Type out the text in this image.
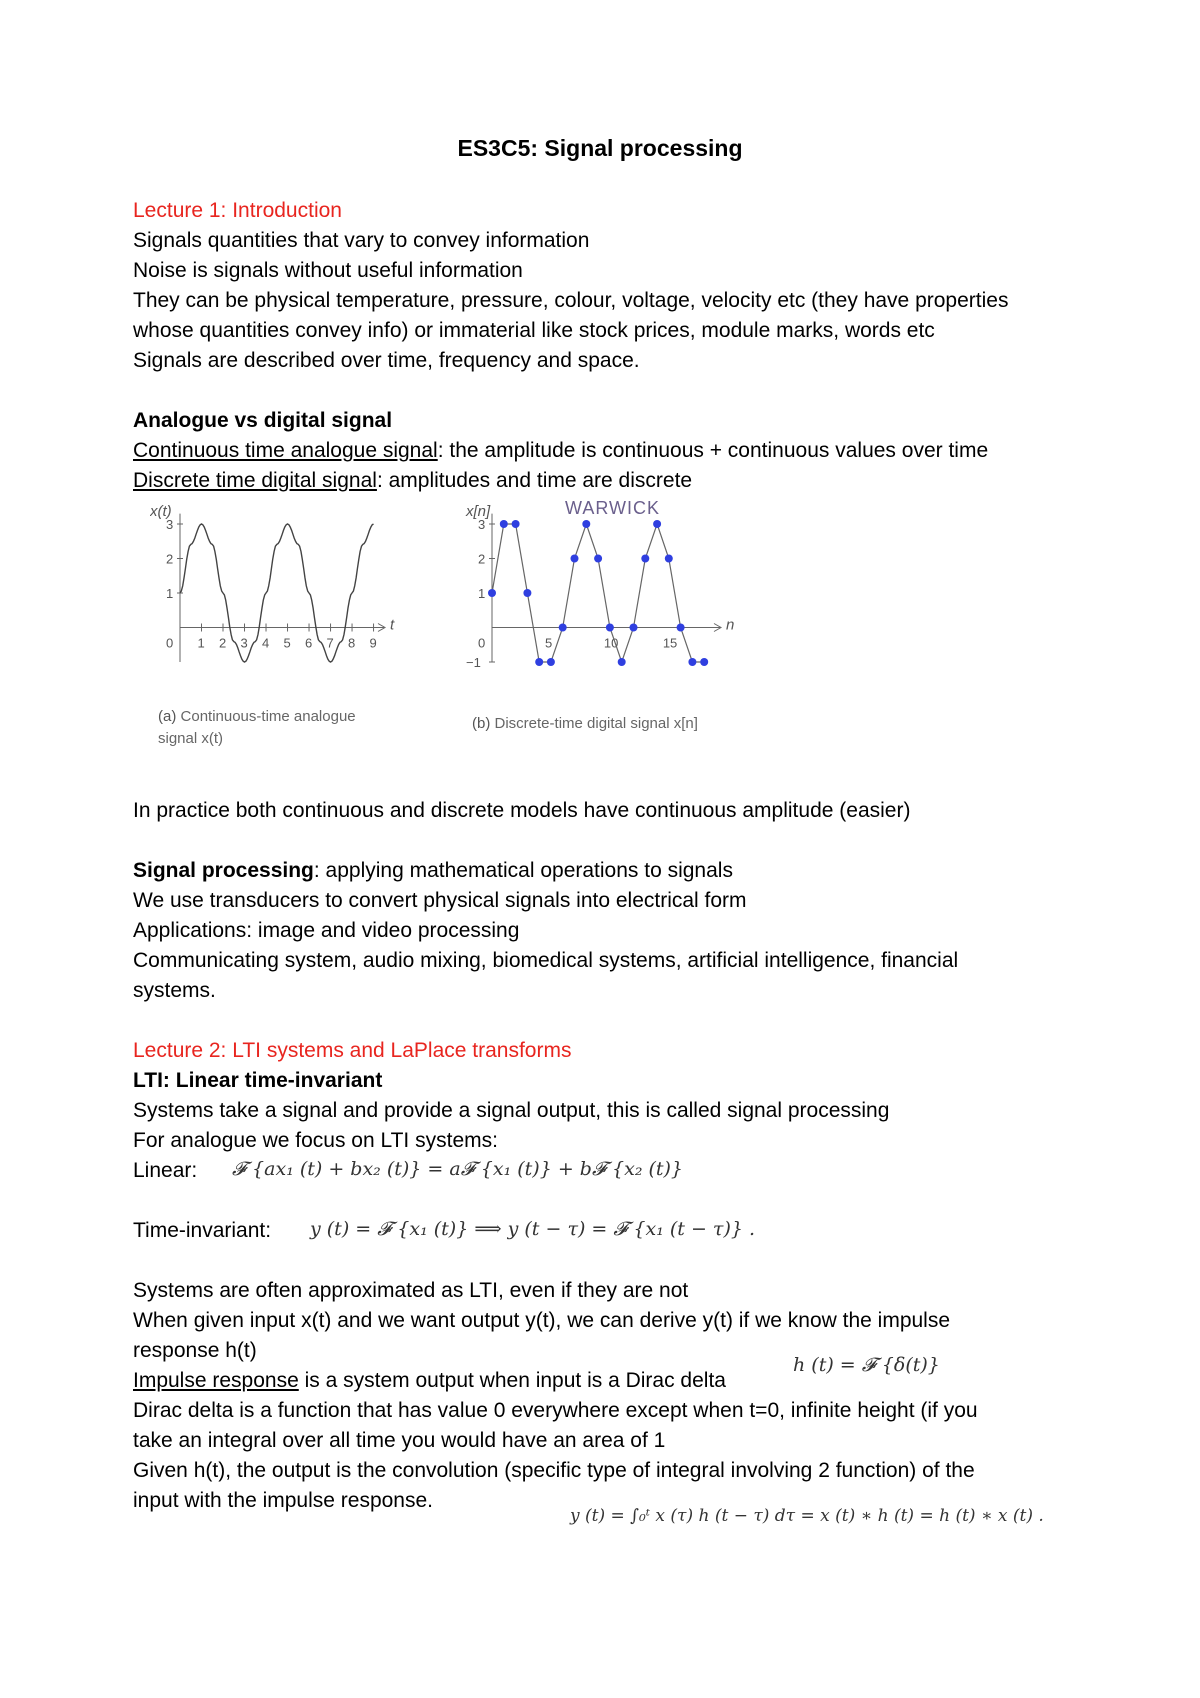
ES3C5: Signal processing
Lecture 1: Introduction
Signals quantities that vary to convey information
Noise is signals without useful information
They can be physical temperature, pressure, colour, voltage, velocity etc (they have properties
whose quantities convey info) or immaterial like stock prices, module marks, words etc
Signals are described over time, frequency and space.
Analogue vs digital signal
Continuous time analogue signal: the amplitude is continuous + continuous values over time
Discrete time digital signal: amplitudes and time are discrete
WARWICK
x(t)
t
1
2
3
0 1 2 3 4 5 6 7 8 9
x[n]
n
−1
1
2
3
0	5	10	15
(a) Continuous-time analogue
signal x(t)
(b) Discrete-time digital signal x[n]
In practice both continuous and discrete models have continuous amplitude (easier)
Signal processing: applying mathematical operations to signals
We use transducers to convert physical signals into electrical form
Applications: image and video processing
Communicating system, audio mixing, biomedical systems, artificial intelligence, financial
systems.
Lecture 2: LTI systems and LaPlace transforms
LTI: Linear time-invariant
Systems take a signal and provide a signal output, this is called signal processing
For analogue we focus on LTI systems:
Linear: 𝓕 {ax₁ (t) + bx₂ (t)} = a𝓕 {x₁ (t)} + b𝓕 {x₂ (t)}
Time-invariant: y (t) = 𝓕 {x₁ (t)} ⟹ y (t − τ) = 𝓕 {x₁ (t − τ)} .
Systems are often approximated as LTI, even if they are not
When given input x(t) and we want output y(t), we can derive y(t) if we know the impulse
response h(t)
Impulse response is a system output when input is a Dirac delta
h (t) = 𝓕 {δ(t)}
Dirac delta is a function that has value 0 everywhere except when t=0, infinite height (if you
take an integral over all time you would have an area of 1
Given h(t), the output is the convolution (specific type of integral involving 2 function) of the
input with the impulse response.
y (t) = ∫₀ᵗ x (τ) h (t − τ) dτ = x (t) ∗ h (t) = h (t) ∗ x (t) .
